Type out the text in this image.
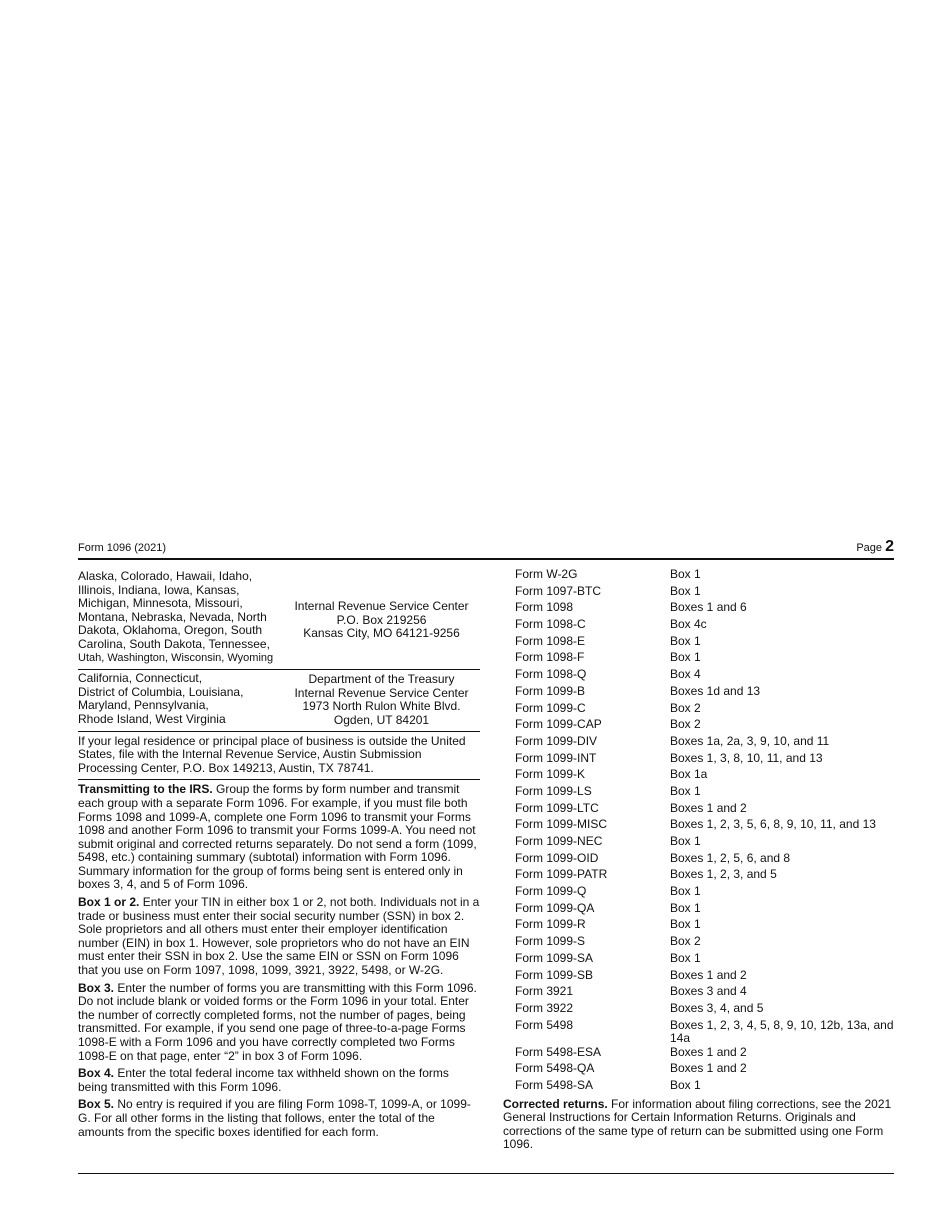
Form 1096 (2021)	Page 2
Alaska, Colorado, Hawaii, Idaho,
Illinois, Indiana, Iowa, Kansas,
Michigan, Minnesota, Missouri,
Montana, Nebraska, Nevada, North
Dakota, Oklahoma, Oregon, South
Carolina, South Dakota, Tennessee,
Utah, Washington, Wisconsin, Wyoming
Internal Revenue Service Center
P.O. Box 219256
Kansas City, MO 64121-9256
California, Connecticut,
District of Columbia, Louisiana,
Maryland, Pennsylvania,
Rhode Island, West Virginia
Department of the Treasury
Internal Revenue Service Center
1973 North Rulon White Blvd.
Ogden, UT 84201
If your legal residence or principal place of business is outside the United States, file with the Internal Revenue Service, Austin Submission Processing Center, P.O. Box 149213, Austin, TX 78741.

Transmitting to the IRS. Group the forms by form number and transmit each group with a separate Form 1096. For example, if you must file both Forms 1098 and 1099-A, complete one Form 1096 to transmit your Forms 1098 and another Form 1096 to transmit your Forms 1099-A. You need not submit original and corrected returns separately. Do not send a form (1099, 5498, etc.) containing summary (subtotal) information with Form 1096. Summary information for the group of forms being sent is entered only in boxes 3, 4, and 5 of Form 1096.

Box 1 or 2. Enter your TIN in either box 1 or 2, not both. Individuals not in a trade or business must enter their social security number (SSN) in box 2. Sole proprietors and all others must enter their employer identification number (EIN) in box 1. However, sole proprietors who do not have an EIN must enter their SSN in box 2. Use the same EIN or SSN on Form 1096 that you use on Form 1097, 1098, 1099, 3921, 3922, 5498, or W-2G.

Box 3. Enter the number of forms you are transmitting with this Form 1096. Do not include blank or voided forms or the Form 1096 in your total. Enter the number of correctly completed forms, not the number of pages, being transmitted. For example, if you send one page of three-to-a-page Forms 1098-E with a Form 1096 and you have correctly completed two Forms 1098-E on that page, enter “2” in box 3 of Form 1096.

Box 4. Enter the total federal income tax withheld shown on the forms being transmitted with this Form 1096.

Box 5. No entry is required if you are filing Form 1098-T, 1099-A, or 1099-G. For all other forms in the listing that follows, enter the total of the amounts from the specific boxes identified for each form.

Form W-2G	Box 1
Form 1097-BTC	Box 1
Form 1098	Boxes 1 and 6
Form 1098-C	Box 4c
Form 1098-E	Box 1
Form 1098-F	Box 1
Form 1098-Q	Box 4
Form 1099-B	Boxes 1d and 13
Form 1099-C	Box 2
Form 1099-CAP	Box 2
Form 1099-DIV	Boxes 1a, 2a, 3, 9, 10, and 11
Form 1099-INT	Boxes 1, 3, 8, 10, 11, and 13
Form 1099-K	Box 1a
Form 1099-LS	Box 1
Form 1099-LTC	Boxes 1 and 2
Form 1099-MISC	Boxes 1, 2, 3, 5, 6, 8, 9, 10, 11, and 13
Form 1099-NEC	Box 1
Form 1099-OID	Boxes 1, 2, 5, 6, and 8
Form 1099-PATR	Boxes 1, 2, 3, and 5
Form 1099-Q	Box 1
Form 1099-QA	Box 1
Form 1099-R	Box 1
Form 1099-S	Box 2
Form 1099-SA	Box 1
Form 1099-SB	Boxes 1 and 2
Form 3921	Boxes 3 and 4
Form 3922	Boxes 3, 4, and 5
Form 5498	Boxes 1, 2, 3, 4, 5, 8, 9, 10, 12b, 13a, and 14a
Form 5498-ESA	Boxes 1 and 2
Form 5498-QA	Boxes 1 and 2
Form 5498-SA	Box 1

Corrected returns. For information about filing corrections, see the 2021 General Instructions for Certain Information Returns. Originals and corrections of the same type of return can be submitted using one Form 1096.
